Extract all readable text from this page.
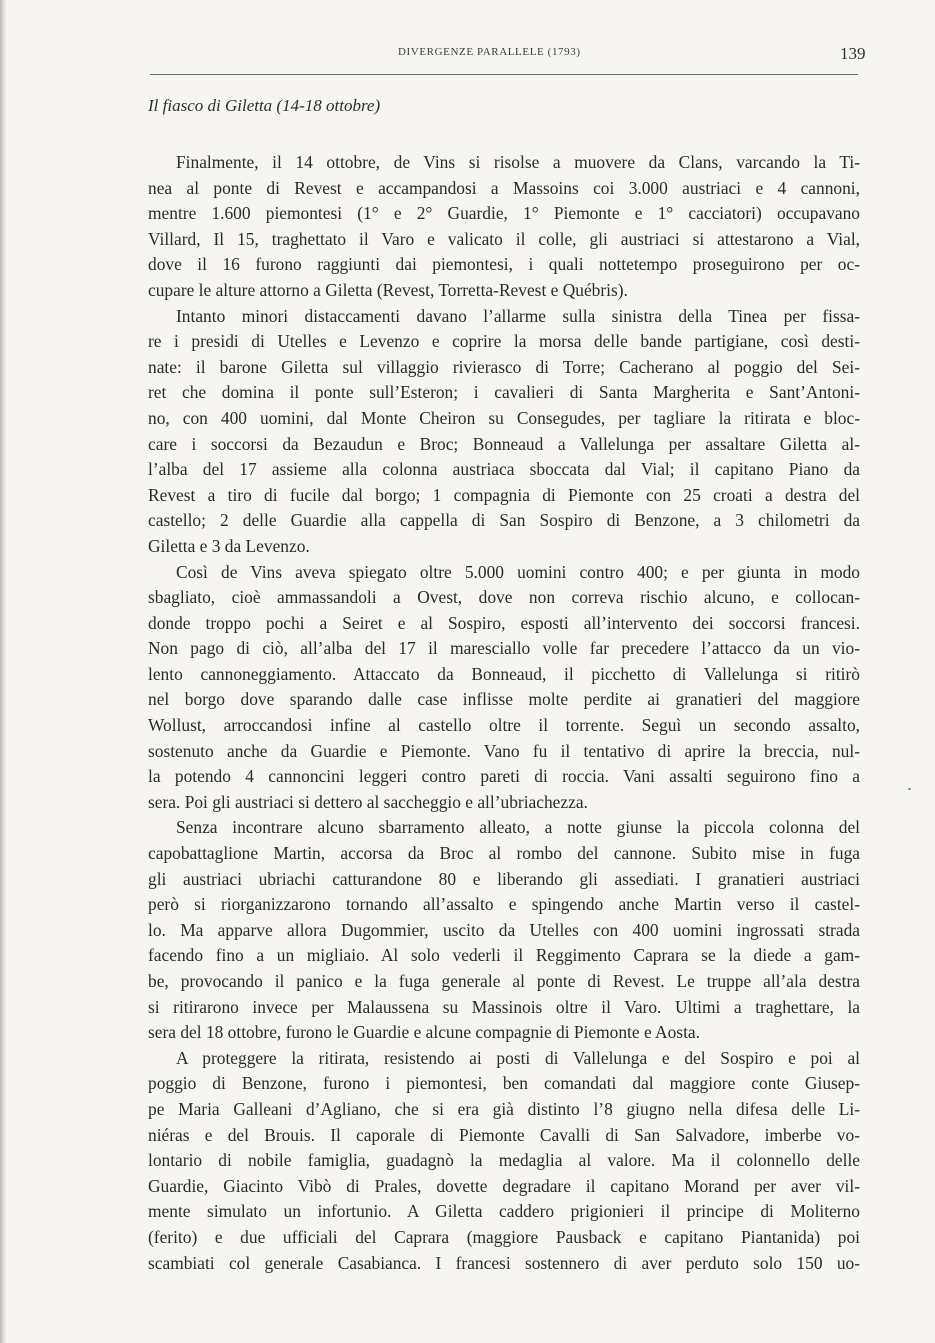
DIVERGENZE PARALLELE (1793)	139
Il fiasco di Giletta (14-18 ottobre)
Finalmente, il 14 ottobre, de Vins si risolse a muovere da Clans, varcando la Ti-
nea al ponte di Revest e accampandosi a Massoins coi 3.000 austriaci e 4 cannoni,
mentre 1.600 piemontesi (1° e 2° Guardie, 1° Piemonte e 1° cacciatori) occupavano
Villard, Il 15, traghettato il Varo e valicato il colle, gli austriaci si attestarono a Vial,
dove il 16 furono raggiunti dai piemontesi, i quali nottetempo proseguirono per oc-
cupare le alture attorno a Giletta (Revest, Torretta-Revest e Québris).
Intanto minori distaccamenti davano l’allarme sulla sinistra della Tinea per fissa-
re i presidi di Utelles e Levenzo e coprire la morsa delle bande partigiane, così desti-
nate: il barone Giletta sul villaggio rivierasco di Torre; Cacherano al poggio del Sei-
ret che domina il ponte sull’Esteron; i cavalieri di Santa Margherita e Sant’Antoni-
no, con 400 uomini, dal Monte Cheiron su Consegudes, per tagliare la ritirata e bloc-
care i soccorsi da Bezaudun e Broc; Bonneaud a Vallelunga per assaltare Giletta al-
l’alba del 17 assieme alla colonna austriaca sboccata dal Vial; il capitano Piano da
Revest a tiro di fucile dal borgo; 1 compagnia di Piemonte con 25 croati a destra del
castello; 2 delle Guardie alla cappella di San Sospiro di Benzone, a 3 chilometri da
Giletta e 3 da Levenzo.
Così de Vins aveva spiegato oltre 5.000 uomini contro 400; e per giunta in modo
sbagliato, cioè ammassandoli a Ovest, dove non correva rischio alcuno, e collocan-
donde troppo pochi a Seiret e al Sospiro, esposti all’intervento dei soccorsi francesi.
Non pago di ciò, all’alba del 17 il maresciallo volle far precedere l’attacco da un vio-
lento cannoneggiamento. Attaccato da Bonneaud, il picchetto di Vallelunga si ritirò
nel borgo dove sparando dalle case inflisse molte perdite ai granatieri del maggiore
Wollust, arroccandosi infine al castello oltre il torrente. Seguì un secondo assalto,
sostenuto anche da Guardie e Piemonte. Vano fu il tentativo di aprire la breccia, nul-
la potendo 4 cannoncini leggeri contro pareti di roccia. Vani assalti seguirono fino a
sera. Poi gli austriaci si dettero al saccheggio e all’ubriachezza.
Senza incontrare alcuno sbarramento alleato, a notte giunse la piccola colonna del
capobattaglione Martin, accorsa da Broc al rombo del cannone. Subito mise in fuga
gli austriaci ubriachi catturandone 80 e liberando gli assediati. I granatieri austriaci
però si riorganizzarono tornando all’assalto e spingendo anche Martin verso il castel-
lo. Ma apparve allora Dugommier, uscito da Utelles con 400 uomini ingrossati strada
facendo fino a un migliaio. Al solo vederli il Reggimento Caprara se la diede a gam-
be, provocando il panico e la fuga generale al ponte di Revest. Le truppe all’ala destra
si ritirarono invece per Malaussena su Massinois oltre il Varo. Ultimi a traghettare, la
sera del 18 ottobre, furono le Guardie e alcune compagnie di Piemonte e Aosta.
A proteggere la ritirata, resistendo ai posti di Vallelunga e del Sospiro e poi al
poggio di Benzone, furono i piemontesi, ben comandati dal maggiore conte Giusep-
pe Maria Galleani d’Agliano, che si era già distinto l’8 giugno nella difesa delle Li-
niéras e del Brouis. Il caporale di Piemonte Cavalli di San Salvadore, imberbe vo-
lontario di nobile famiglia, guadagnò la medaglia al valore. Ma il colonnello delle
Guardie, Giacinto Vibò di Prales, dovette degradare il capitano Morand per aver vil-
mente simulato un infortunio. A Giletta caddero prigionieri il principe di Moliterno
(ferito) e due ufficiali del Caprara (maggiore Pausback e capitano Piantanida) poi
scambiati col generale Casabianca. I francesi sostennero di aver perduto solo 150 uo-
